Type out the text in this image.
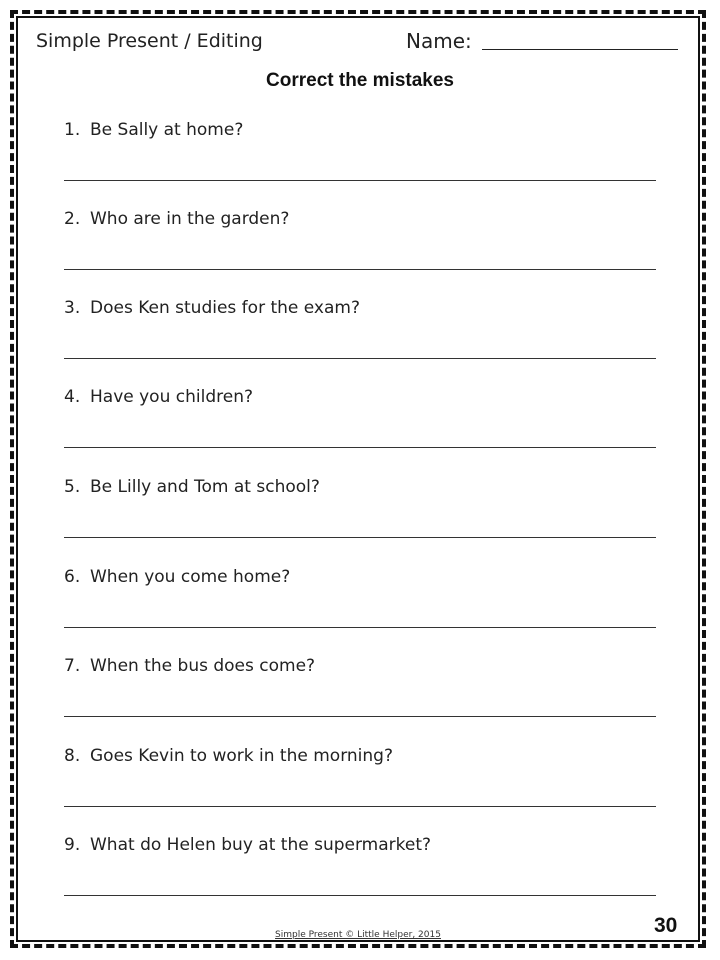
Simple Present / Editing	Name:
Correct the mistakes
1. Be Sally at home?
2. Who are in the garden?
3. Does Ken studies for the exam?
4. Have you children?
5. Be Lilly and Tom at school?
6. When you come home?
7. When the bus does come?
8. Goes Kevin to work in the morning?
9. What do Helen buy at the supermarket?
Simple Present © Little Helper, 2015	30
